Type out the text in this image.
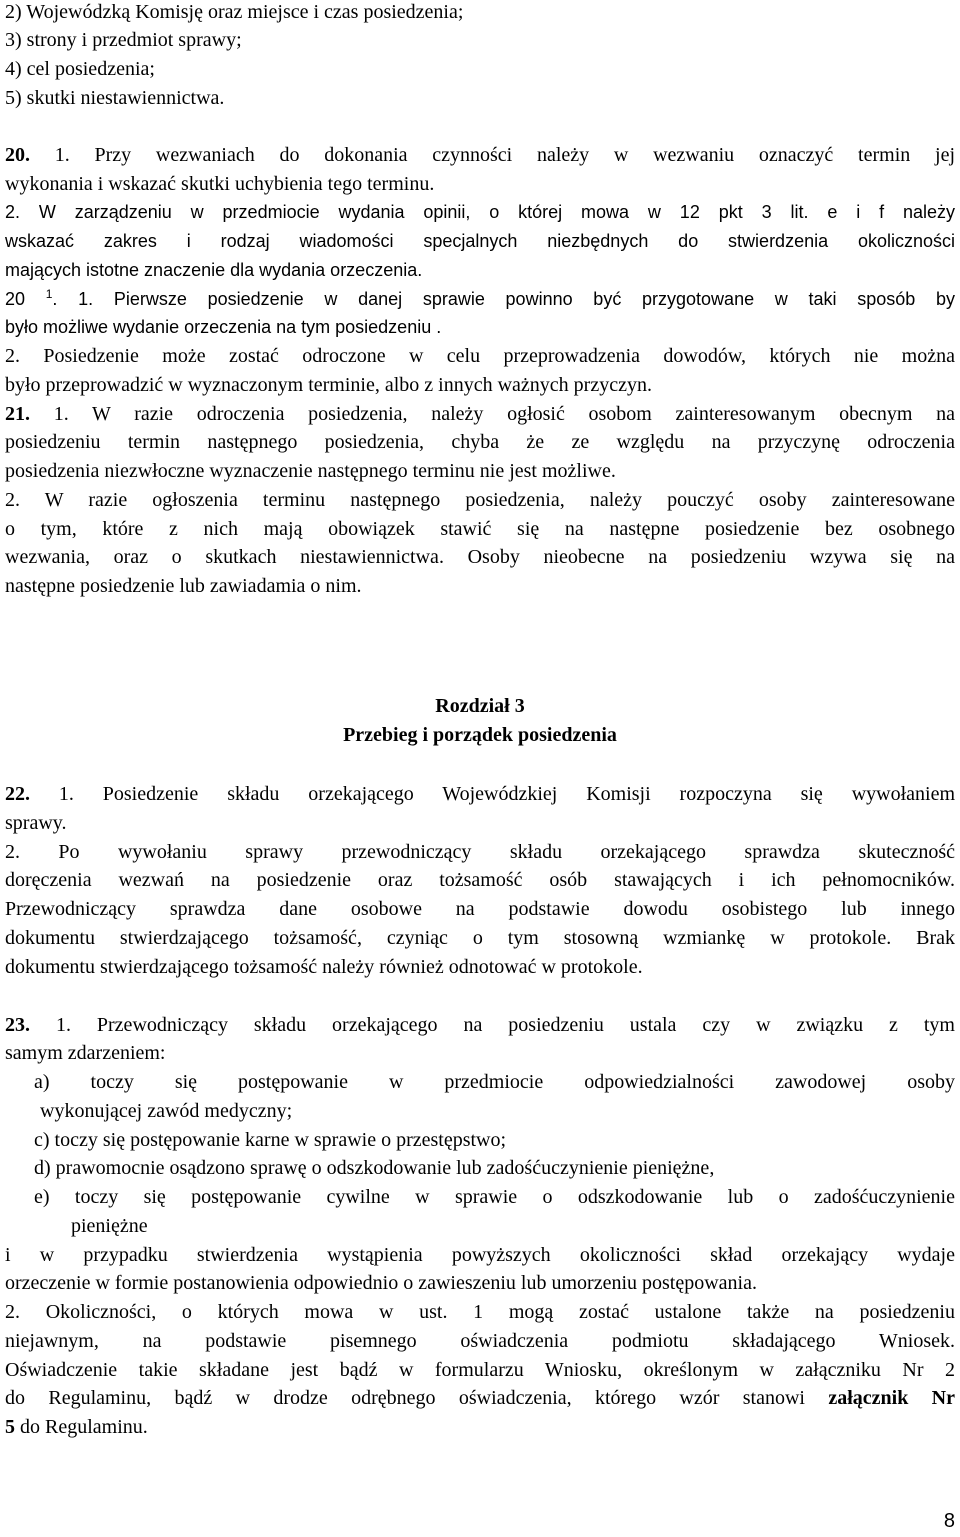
2) Wojewódzką Komisję oraz miejsce i czas posiedzenia;
3) strony i przedmiot sprawy;
4) cel posiedzenia;
5) skutki niestawiennictwa.
20. 1. Przy wezwaniach do dokonania czynności należy w wezwaniu oznaczyć termin jej
wykonania i wskazać skutki uchybienia tego terminu.
2. W zarządzeniu w przedmiocie wydania opinii, o której mowa w 12 pkt 3 lit. e i f należy
wskazać zakres i rodzaj wiadomości specjalnych niezbędnych do stwierdzenia okoliczności
mających istotne znaczenie dla wydania orzeczenia.
20 $^1$. 1. Pierwsze posiedzenie w danej sprawie powinno być przygotowane w taki sposób by
było możliwe wydanie orzeczenia na tym posiedzeniu .
2. Posiedzenie może zostać odroczone w celu przeprowadzenia dowodów, których nie można
było przeprowadzić w wyznaczonym terminie, albo z innych ważnych przyczyn.
21. 1. W razie odroczenia posiedzenia, należy ogłosić osobom zainteresowanym obecnym na
posiedzeniu termin następnego posiedzenia, chyba że ze względu na przyczynę odroczenia
posiedzenia niezwłoczne wyznaczenie następnego terminu nie jest możliwe.
2. W razie ogłoszenia terminu następnego posiedzenia, należy pouczyć osoby zainteresowane
o tym, które z nich mają obowiązek stawić się na następne posiedzenie bez osobnego
wezwania, oraz o skutkach niestawiennictwa. Osoby nieobecne na posiedzeniu wzywa się na
następne posiedzenie lub zawiadamia o nim.
Rozdział 3
Przebieg i porządek posiedzenia
22. 1. Posiedzenie składu orzekającego Wojewódzkiej Komisji rozpoczyna się wywołaniem
sprawy.
2. Po wywołaniu sprawy przewodniczący składu orzekającego sprawdza skuteczność
doręczenia wezwań na posiedzenie oraz tożsamość osób stawających i ich pełnomocników.
Przewodniczący sprawdza dane osobowe na podstawie dowodu osobistego lub innego
dokumentu stwierdzającego tożsamość, czyniąc o tym stosowną wzmiankę w protokole. Brak
dokumentu stwierdzającego tożsamość należy również odnotować w protokole.
23. 1. Przewodniczący składu orzekającego na posiedzeniu ustala czy w związku z tym
samym zdarzeniem:
a) toczy się postępowanie w przedmiocie odpowiedzialności zawodowej osoby
wykonującej zawód medyczny;
c) toczy się postępowanie karne w sprawie o przestępstwo;
d) prawomocnie osądzono sprawę o odszkodowanie lub zadośćuczynienie pieniężne,
e) toczy się postępowanie cywilne w sprawie o odszkodowanie lub o zadośćuczynienie
pieniężne
i w przypadku stwierdzenia wystąpienia powyższych okoliczności skład orzekający wydaje
orzeczenie w formie postanowienia odpowiednio o zawieszeniu lub umorzeniu postępowania.
2. Okoliczności, o których mowa w ust. 1 mogą zostać ustalone także na posiedzeniu
niejawnym, na podstawie pisemnego oświadczenia podmiotu składającego Wniosek.
Oświadczenie takie składane jest bądź w formularzu Wniosku, określonym w załączniku Nr 2
do Regulaminu, bądź w drodze odrębnego oświadczenia, którego wzór stanowi załącznik Nr
5 do Regulaminu.
8
